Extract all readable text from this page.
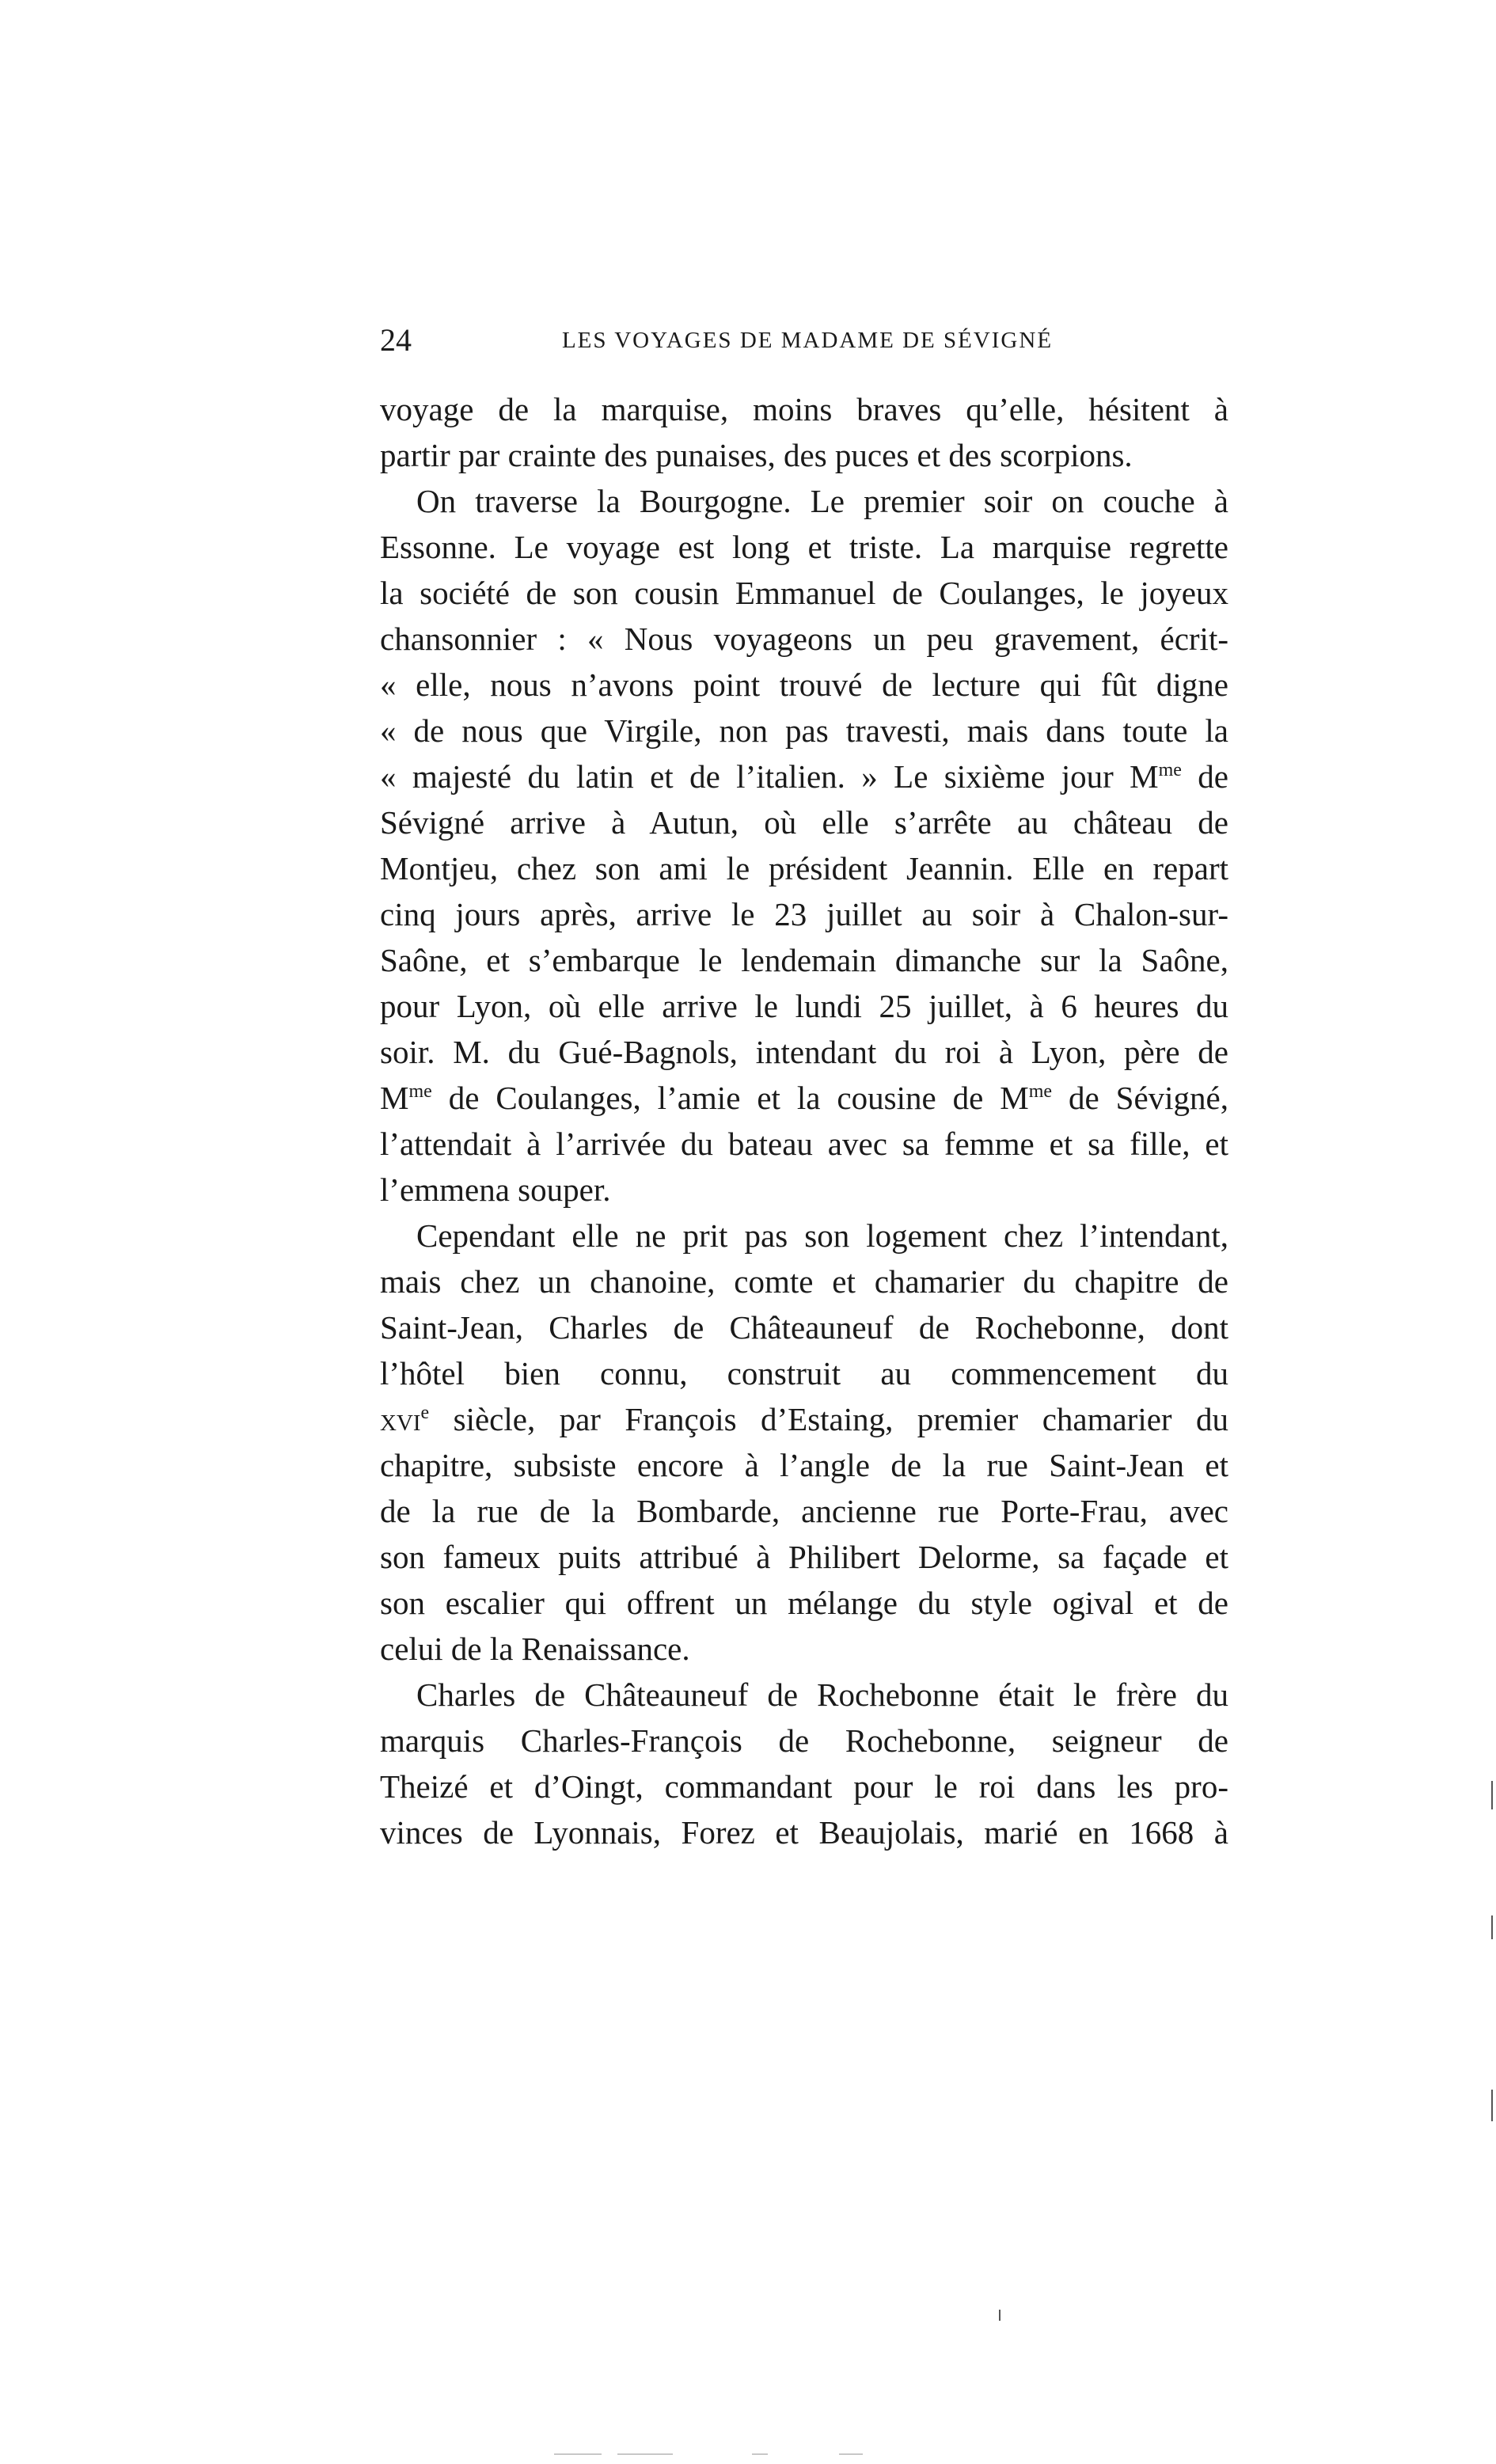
24	LES VOYAGES DE MADAME DE SÉVIGNÉ
voyage de la marquise, moins braves qu’elle, hésitent à
partir par crainte des punaises, des puces et des scorpions.
On traverse la Bourgogne. Le premier soir on couche à
Essonne. Le voyage est long et triste. La marquise regrette
la société de son cousin Emmanuel de Coulanges, le joyeux
chansonnier : « Nous voyageons un peu gravement, écrit-
« elle, nous n’avons point trouvé de lecture qui fût digne
« de nous que Virgile, non pas travesti, mais dans toute la
« majesté du latin et de l’italien. » Le sixième jour $M^{me}$ de
Sévigné arrive à Autun, où elle s’arrête au château de
Montjeu, chez son ami le président Jeannin. Elle en repart
cinq jours après, arrive le 23 juillet au soir à Chalon-sur-
Saône, et s’embarque le lendemain dimanche sur la Saône,
pour Lyon, où elle arrive le lundi 25 juillet, à 6 heures du
soir. M. du Gué-Bagnols, intendant du roi à Lyon, père de
$M^{me}$ de Coulanges, l’amie et la cousine de $M^{me}$ de Sévigné,
l’attendait à l’arrivée du bateau avec sa femme et sa fille, et
l’emmena souper.
Cependant elle ne prit pas son logement chez l’intendant,
mais chez un chanoine, comte et chamarier du chapitre de
Saint-Jean, Charles de Châteauneuf de Rochebonne, dont
l’hôtel bien connu, construit au commencement du
xvi$^e$ siècle, par François d’Estaing, premier chamarier du
chapitre, subsiste encore à l’angle de la rue Saint-Jean et
de la rue de la Bombarde, ancienne rue Porte-Frau, avec
son fameux puits attribué à Philibert Delorme, sa façade et
son escalier qui offrent un mélange du style ogival et de
celui de la Renaissance.
Charles de Châteauneuf de Rochebonne était le frère du
marquis Charles-François de Rochebonne, seigneur de
Theizé et d’Oingt, commandant pour le roi dans les pro-
vinces de Lyonnais, Forez et Beaujolais, marié en 1668 à
